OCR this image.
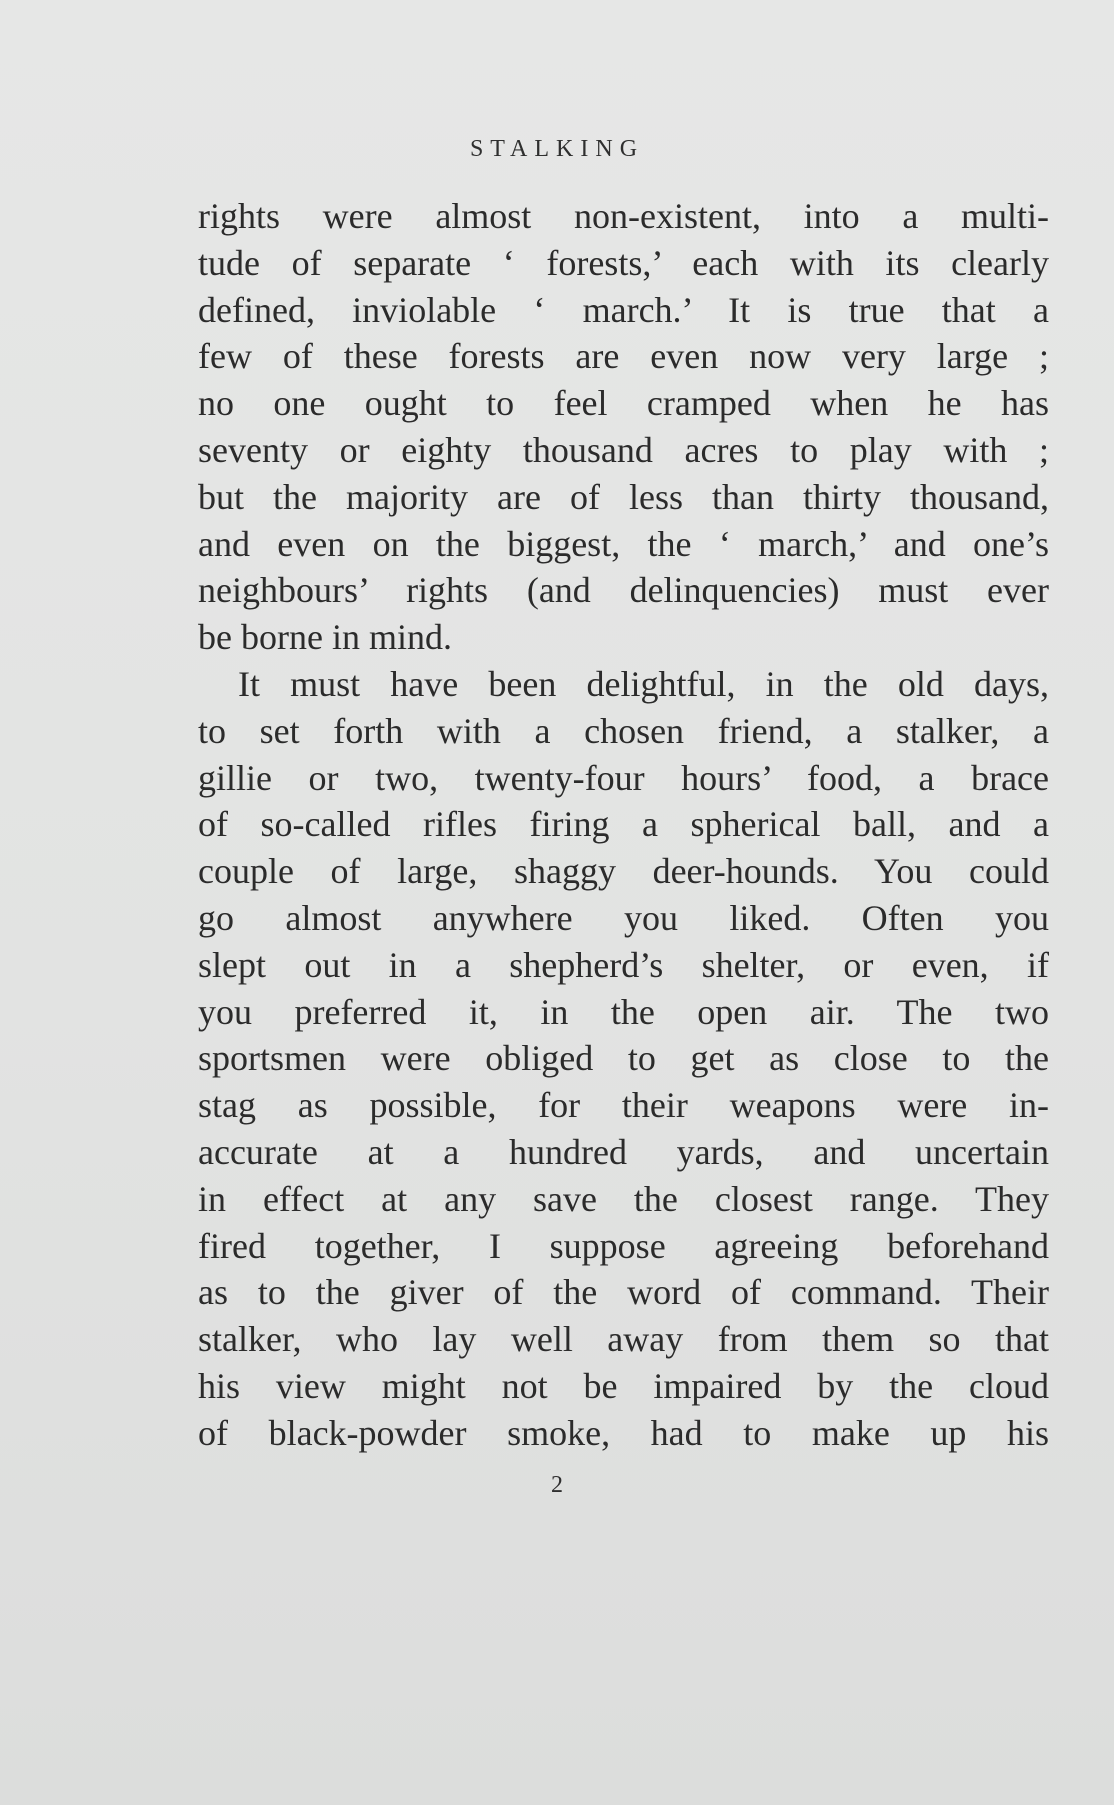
STALKING
rights were almost non-existent, into a multi-
tude of separate ‘ forests,’ each with its clearly
defined, inviolable ‘ march.’ It is true that a
few of these forests are even now very large ;
no one ought to feel cramped when he has
seventy or eighty thousand acres to play with ;
but the majority are of less than thirty thousand,
and even on the biggest, the ‘ march,’ and one’s
neighbours’ rights (and delinquencies) must ever
be borne in mind.
It must have been delightful, in the old days,
to set forth with a chosen friend, a stalker, a
gillie or two, twenty-four hours’ food, a brace
of so-called rifles firing a spherical ball, and a
couple of large, shaggy deer-hounds. You could
go almost anywhere you liked. Often you
slept out in a shepherd’s shelter, or even, if
you preferred it, in the open air. The two
sportsmen were obliged to get as close to the
stag as possible, for their weapons were in-
accurate at a hundred yards, and uncertain
in effect at any save the closest range. They
fired together, I suppose agreeing beforehand
as to the giver of the word of command. Their
stalker, who lay well away from them so that
his view might not be impaired by the cloud
of black-powder smoke, had to make up his
2
